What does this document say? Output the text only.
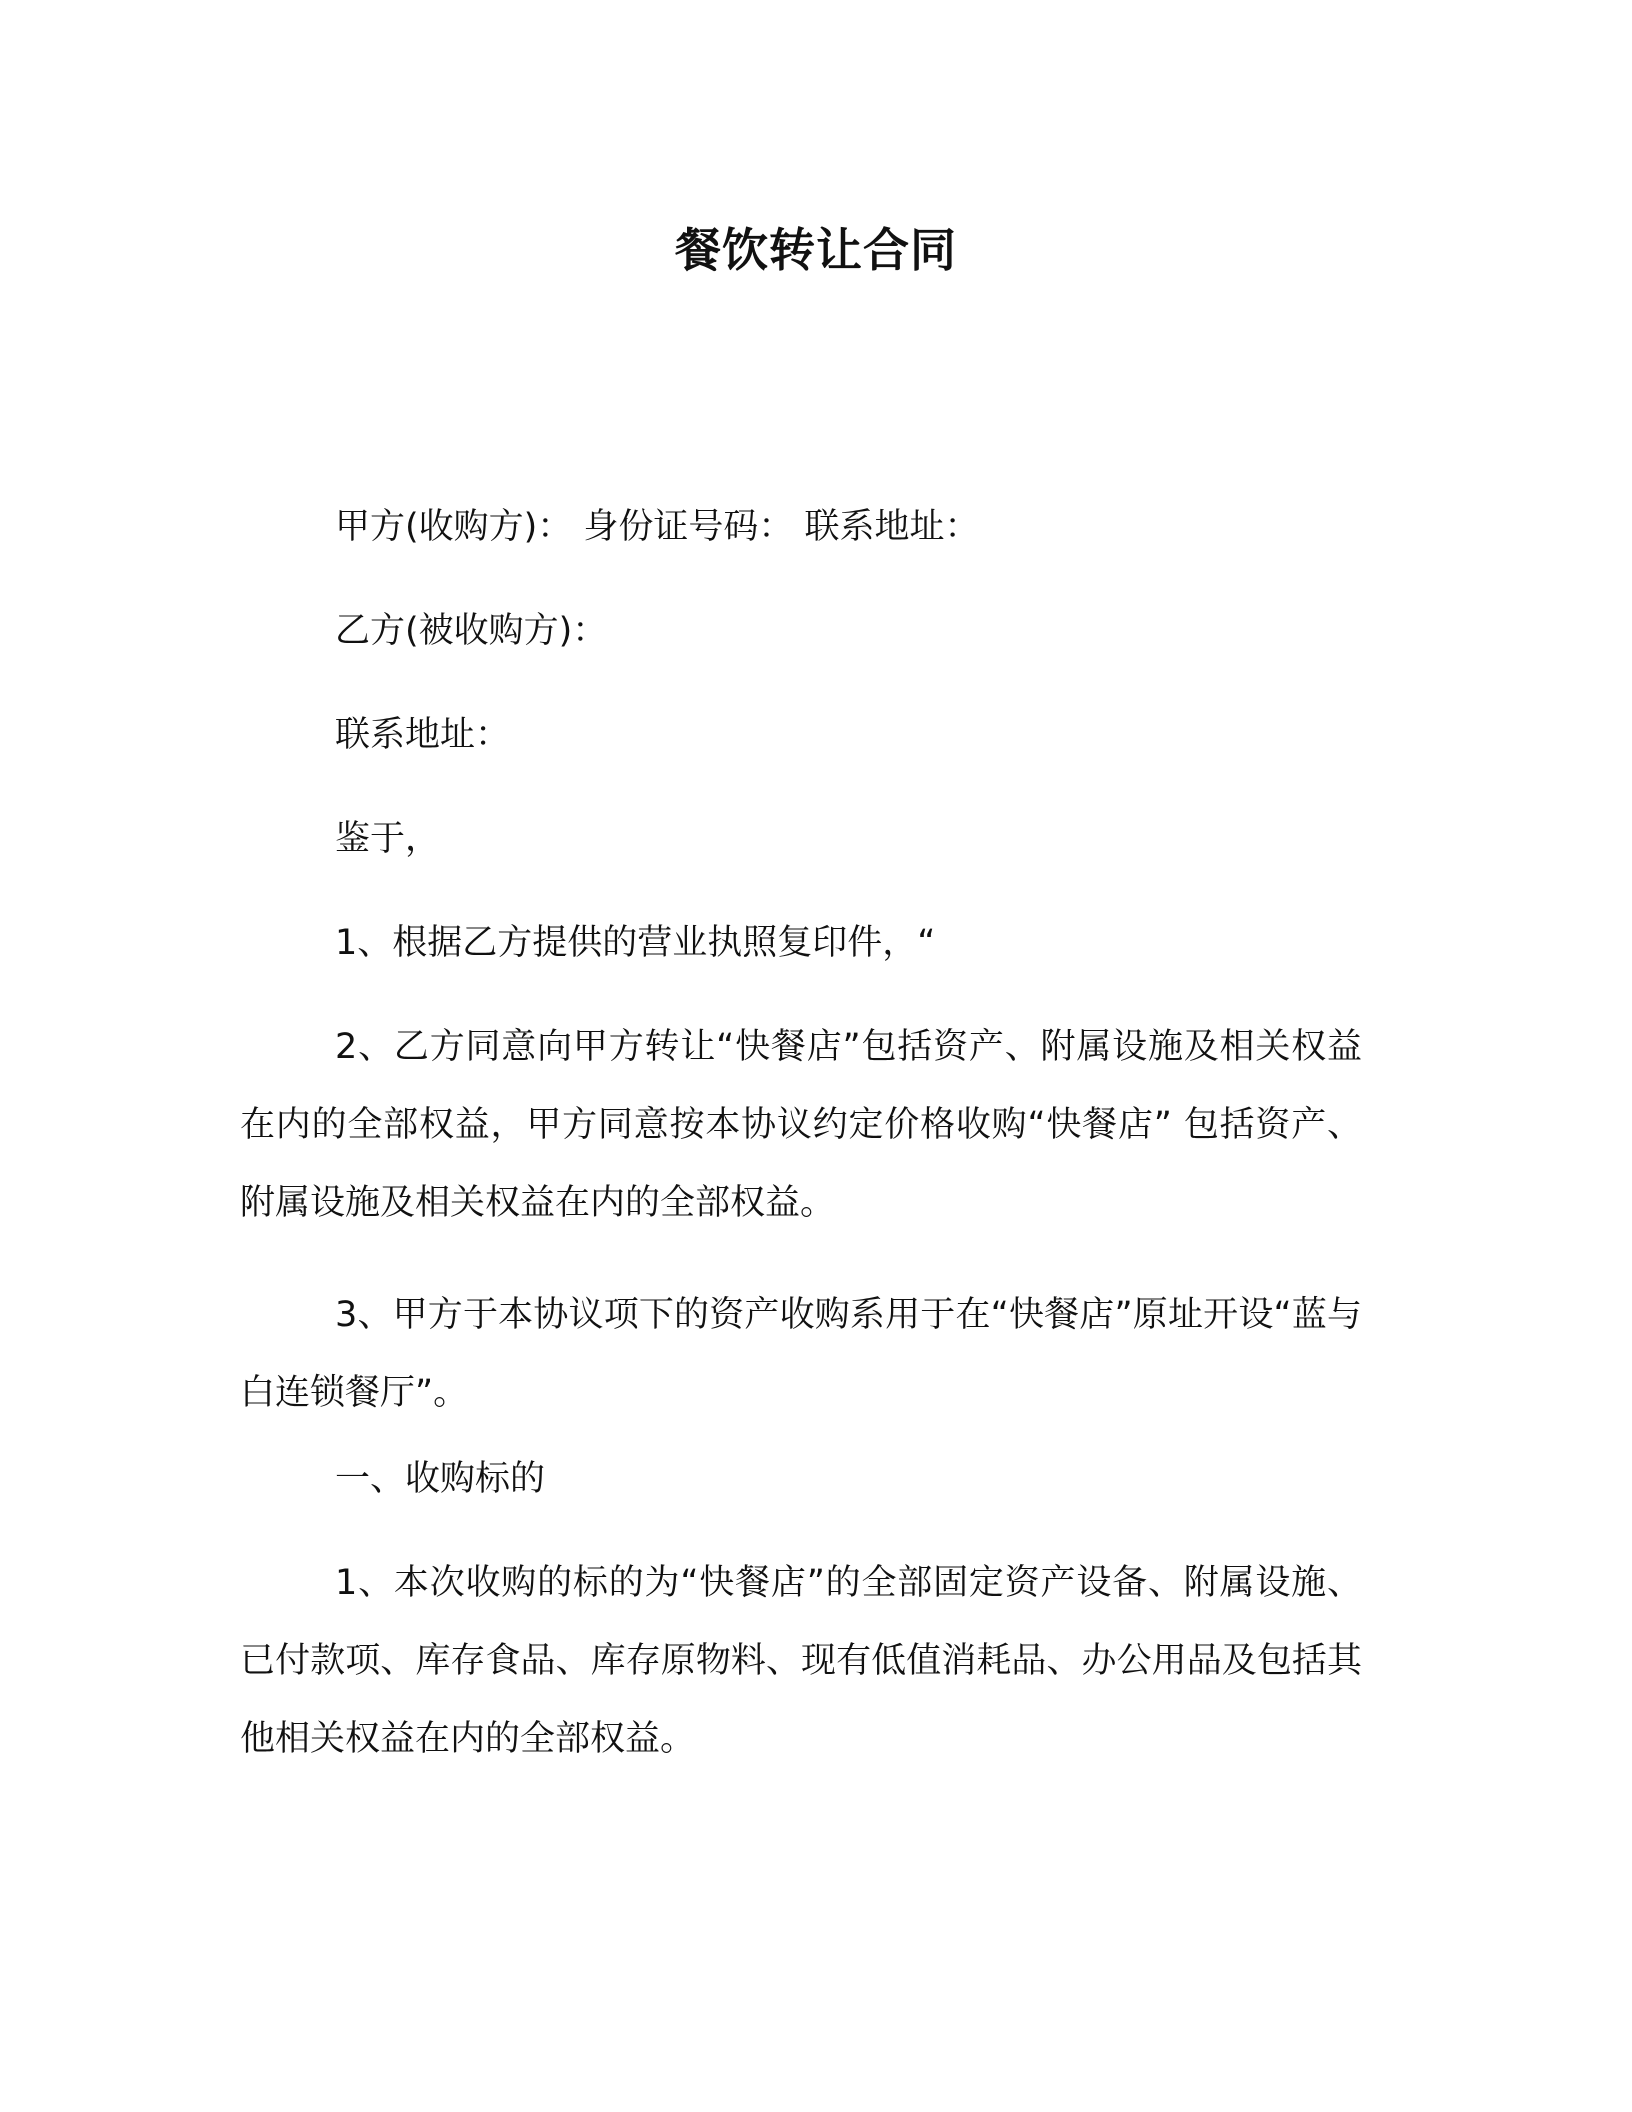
餐饮转让合同

甲方(收购方)： 身份证号码： 联系地址：

乙方(被收购方)：

联系地址：

鉴于，

1、根据乙方提供的营业执照复印件，“

2、乙方同意向甲方转让“快餐店”包括资产、附属设施及相关权益在内的全部权益，甲方同意按本协议约定价格收购“快餐店” 包括资产、附属设施及相关权益在内的全部权益。

3、甲方于本协议项下的资产收购系用于在“快餐店”原址开设“蓝与白连锁餐厅”。

一、收购标的

1、本次收购的标的为“快餐店”的全部固定资产设备、附属设施、已付款项、库存食品、库存原物料、现有低值消耗品、办公用品及包括其他相关权益在内的全部权益。
